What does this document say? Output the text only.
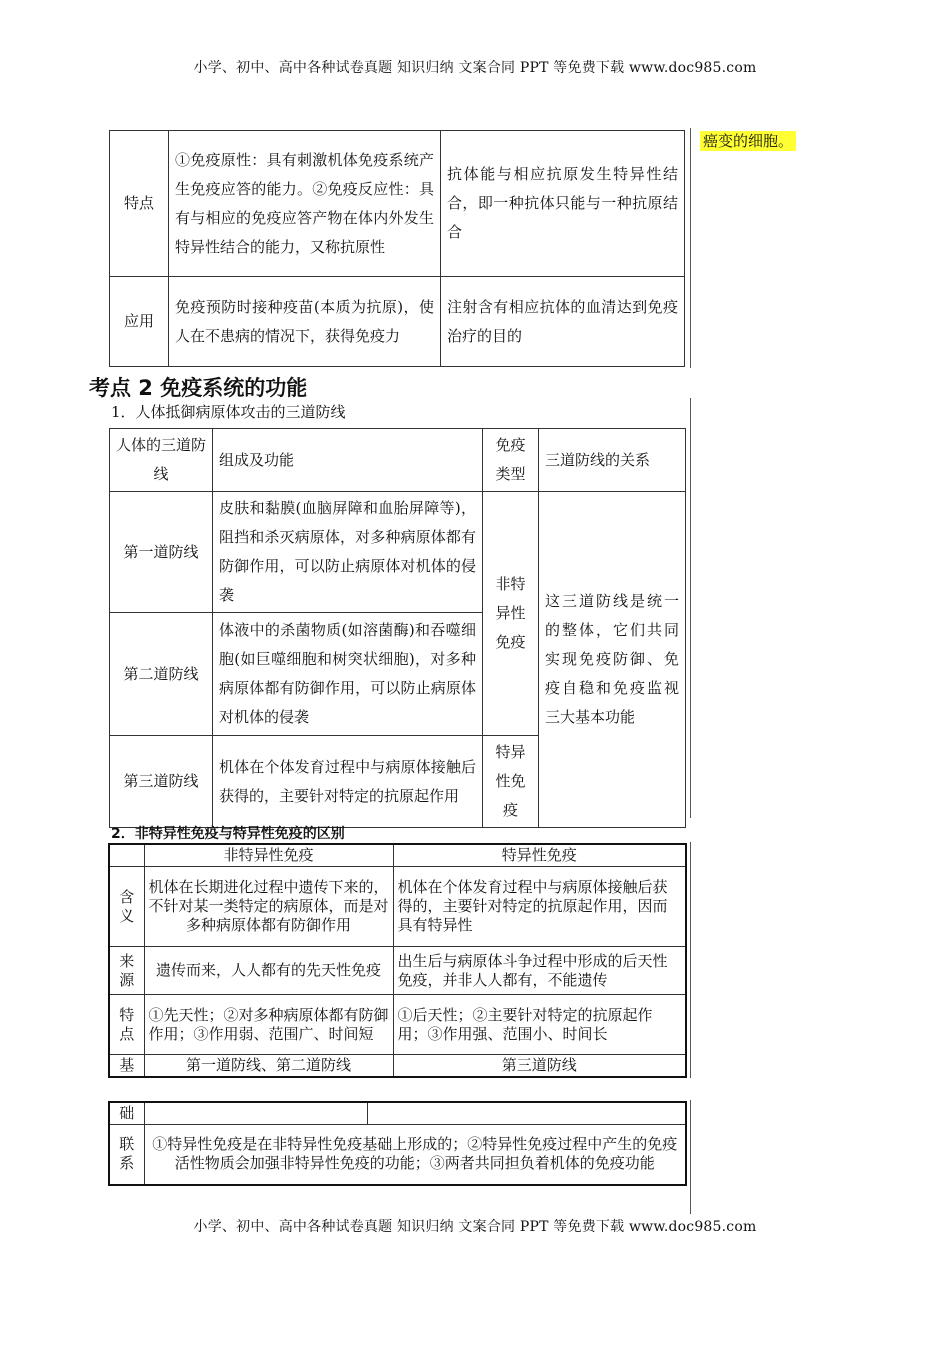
小学、初中、高中各种试卷真题 知识归纳 文案合同 PPT 等免费下载 www.doc985.com
小学、初中、高中各种试卷真题 知识归纳 文案合同 PPT 等免费下载 www.doc985.com
癌变的细胞。
特点	①免疫原性：具有刺激机体免疫系统产生免疫应答的能力。②免疫反应性：具有与相应的免疫应答产物在体内外发生特异性结合的能力，又称抗原性	抗体能与相应抗原发生特异性结合，即一种抗体只能与一种抗原结合
应用	免疫预防时接种疫苗(本质为抗原)，使人在不患病的情况下，获得免疫力	注射含有相应抗体的血清达到免疫治疗的目的
考点 2 免疫系统的功能
1．人体抵御病原体攻击的三道防线
人体的三道防线	组成及功能	免疫类型	三道防线的关系
第一道防线	皮肤和黏膜(血脑屏障和血胎屏障等)，阻挡和杀灭病原体，对多种病原体都有防御作用，可以防止病原体对机体的侵袭	非特异性免疫	这三道防线是统一的整体，它们共同实现免疫防御、免疫自稳和免疫监视三大基本功能
第二道防线	体液中的杀菌物质(如溶菌酶)和吞噬细胞(如巨噬细胞和树突状细胞)，对多种病原体都有防御作用，可以防止病原体对机体的侵袭		
第三道防线	机体在个体发育过程中与病原体接触后获得的，主要针对特定的抗原起作用	特异性免疫	
2．非特异性免疫与特异性免疫的区别
	非特异性免疫	特异性免疫
含义	机体在长期进化过程中遗传下来的，不针对某一类特定的病原体，而是对多种病原体都有防御作用	机体在个体发育过程中与病原体接触后获得的，主要针对特定的抗原起作用，因而具有特异性
来源	遗传而来，人人都有的先天性免疫	出生后与病原体斗争过程中形成的后天性免疫，并非人人都有，不能遗传
特点	①先天性；②对多种病原体都有防御作用；③作用弱、范围广、时间短	①后天性；②主要针对特定的抗原起作用；③作用强、范围小、时间长
基	第一道防线、第二道防线	第三道防线
础		
联系	①特异性免疫是在非特异性免疫基础上形成的；②特异性免疫过程中产生的免疫活性物质会加强非特异性免疫的功能；③两者共同担负着机体的免疫功能	
